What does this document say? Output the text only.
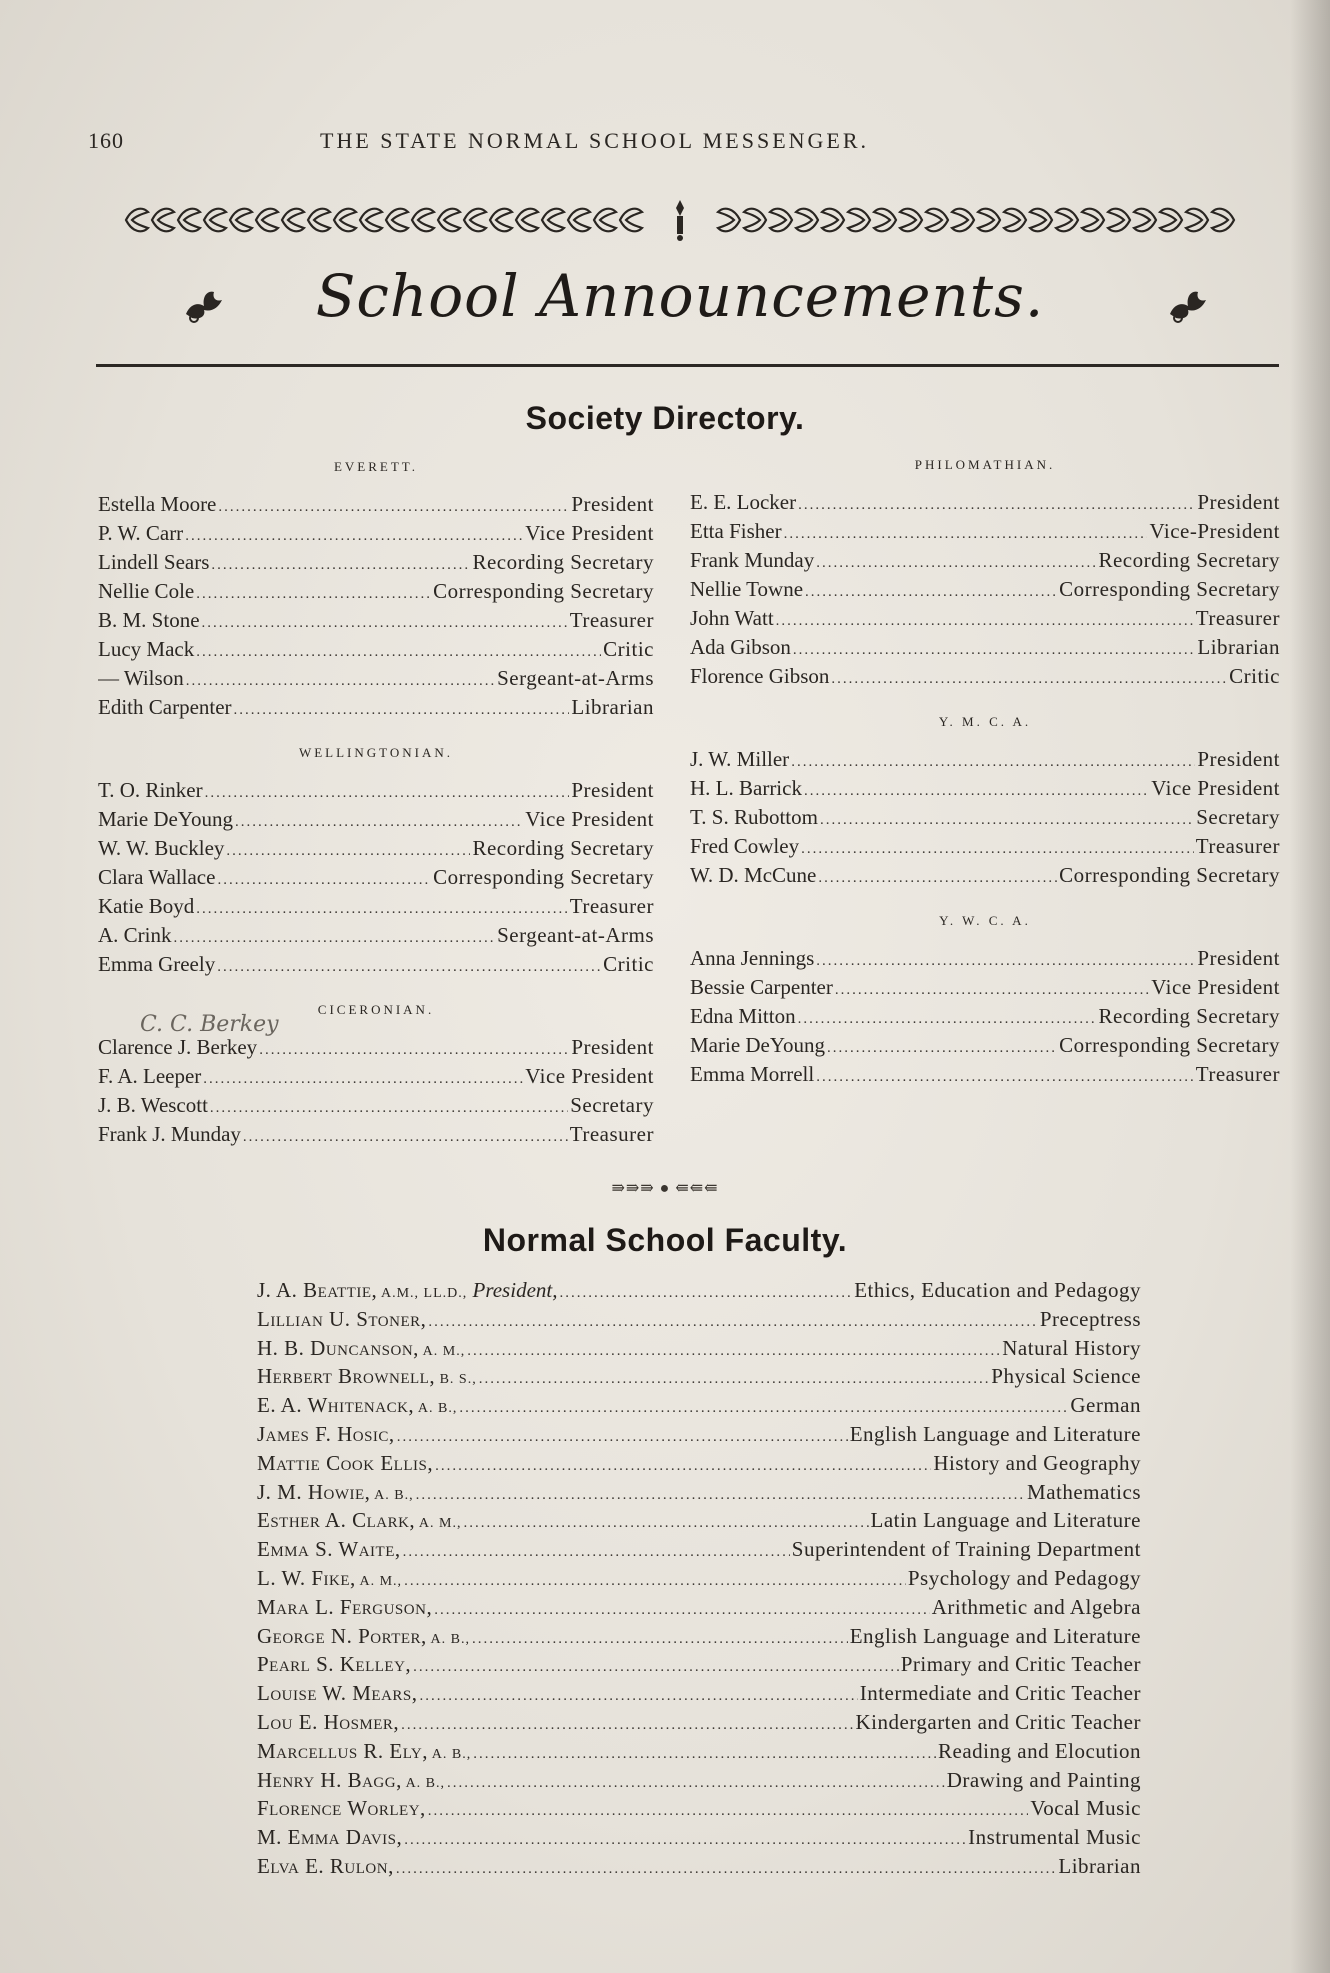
160	THE STATE NORMAL SCHOOL MESSENGER.
School Announcements.
Society Directory.
EVERETT.
Estella Moore .....	President
P. W. Carr .....	Vice President
Lindell Sears .....	Recording Secretary
Nellie Cole .....	Corresponding Secretary
B. M. Stone .....	Treasurer
Lucy Mack .....	Critic
— Wilson .....	Sergeant-at-Arms
Edith Carpenter .....	Librarian
WELLINGTONIAN.
T. O. Rinker .....	President
Marie DeYoung .....	Vice President
W. W. Buckley .....	Recording Secretary
Clara Wallace .....	Corresponding Secretary
Katie Boyd .....	Treasurer
A. Crink .....	Sergeant-at-Arms
Emma Greely .....	Critic
CICERONIAN.
Clarence J. Berkey .....	President
F. A. Leeper .....	Vice President
J. B. Wescott .....	Secretary
Frank J. Munday .....	Treasurer
PHILOMATHIAN.
E. E. Locker .....	President
Etta Fisher .....	Vice-President
Frank Munday .....	Recording Secretary
Nellie Towne .....	Corresponding Secretary
John Watt .....	Treasurer
Ada Gibson .....	Librarian
Florence Gibson .....	Critic
Y. M. C. A.
J. W. Miller .....	President
H. L. Barrick .....	Vice President
T. S. Rubottom .....	Secretary
Fred Cowley .....	Treasurer
W. D. McCune .....	Corresponding Secretary
Y. W. C. A.
Anna Jennings .....	President
Bessie Carpenter .....	Vice President
Edna Mitton .....	Recording Secretary
Marie DeYoung .....	Corresponding Secretary
Emma Morrell .....	Treasurer
C. C. Berkey
⇛⇛⇛ ● ⇚⇚⇚
Normal School Faculty.
J. A. Beattie, A.M., LL.D., President, .....	Ethics, Education and Pedagogy
Lillian U. Stoner, .....	Preceptress
H. B. Duncanson, A. M., .....	Natural History
Herbert Brownell, B. S., .....	Physical Science
E. A. Whitenack, A. B., .....	German
James F. Hosic, .....	English Language and Literature
Mattie Cook Ellis, .....	History and Geography
J. M. Howie, A. B., .....	Mathematics
Esther A. Clark, A. M., .....	Latin Language and Literature
Emma S. Waite, .....	Superintendent of Training Department
L. W. Fike, A. M., .....	Psychology and Pedagogy
Mara L. Ferguson, .....	Arithmetic and Algebra
George N. Porter, A. B., .....	English Language and Literature
Pearl S. Kelley, .....	Primary and Critic Teacher
Louise W. Mears, .....	Intermediate and Critic Teacher
Lou E. Hosmer, .....	Kindergarten and Critic Teacher
Marcellus R. Ely, A. B., .....	Reading and Elocution
Henry H. Bagg, A. B., .....	Drawing and Painting
Florence Worley, .....	Vocal Music
M. Emma Davis, .....	Instrumental Music
Elva E. Rulon, .....	Librarian
